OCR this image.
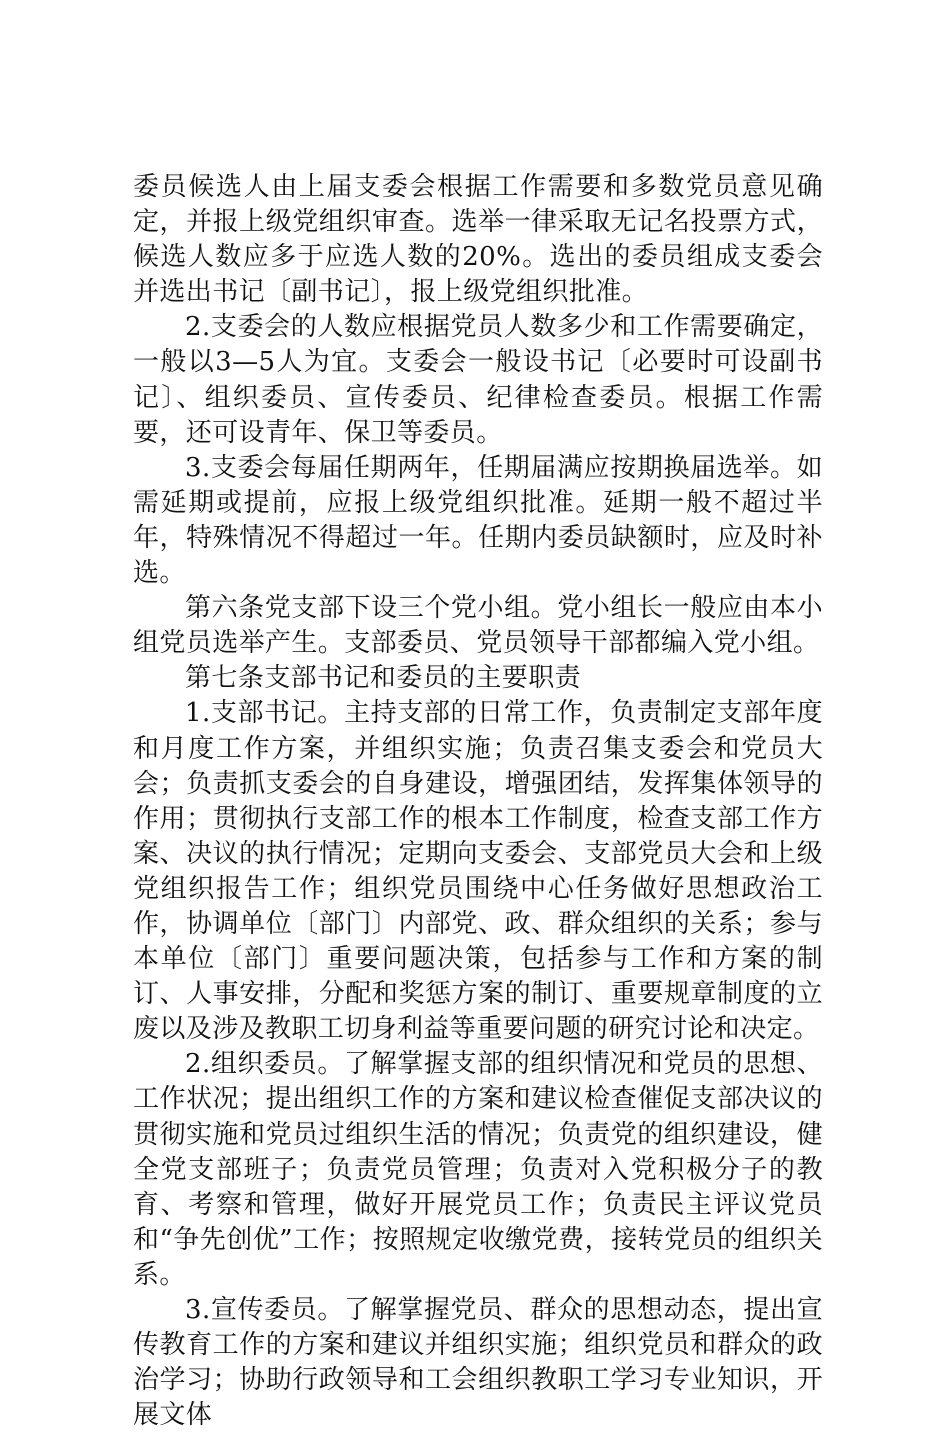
委员候选人由上届支委会根据工作需要和多数党员意见确定，并报上级党组织审查。选举一律采取无记名投票方式，候选人数应多于应选人数的20%。选出的委员组成支委会并选出书记〔副书记〕，报上级党组织批准。

2.支委会的人数应根据党员人数多少和工作需要确定，一般以3—5人为宜。支委会一般设书记〔必要时可设副书记〕、组织委员、宣传委员、纪律检查委员。根据工作需要，还可设青年、保卫等委员。

3.支委会每届任期两年，任期届满应按期换届选举。如需延期或提前，应报上级党组织批准。延期一般不超过半年，特殊情况不得超过一年。任期内委员缺额时，应及时补选。

第六条党支部下设三个党小组。党小组长一般应由本小组党员选举产生。支部委员、党员领导干部都编入党小组。

第七条支部书记和委员的主要职责

1.支部书记。主持支部的日常工作，负责制定支部年度和月度工作方案，并组织实施；负责召集支委会和党员大会；负责抓支委会的自身建设，增强团结，发挥集体领导的作用；贯彻执行支部工作的根本工作制度，检查支部工作方案、决议的执行情况；定期向支委会、支部党员大会和上级党组织报告工作；组织党员围绕中心任务做好思想政治工作，协调单位〔部门〕内部党、政、群众组织的关系；参与本单位〔部门〕重要问题决策，包括参与工作和方案的制订、人事安排，分配和奖惩方案的制订、重要规章制度的立废以及涉及教职工切身利益等重要问题的研究讨论和决定。

2.组织委员。了解掌握支部的组织情况和党员的思想、工作状况；提出组织工作的方案和建议检查催促支部决议的贯彻实施和党员过组织生活的情况；负责党的组织建设，健全党支部班子；负责党员管理；负责对入党积极分子的教育、考察和管理，做好开展党员工作；负责民主评议党员和“争先创优”工作；按照规定收缴党费，接转党员的组织关系。

3.宣传委员。了解掌握党员、群众的思想动态，提出宣传教育工作的方案和建议并组织实施；组织党员和群众的政治学习；协助行政领导和工会组织教职工学习专业知识，开展文体
